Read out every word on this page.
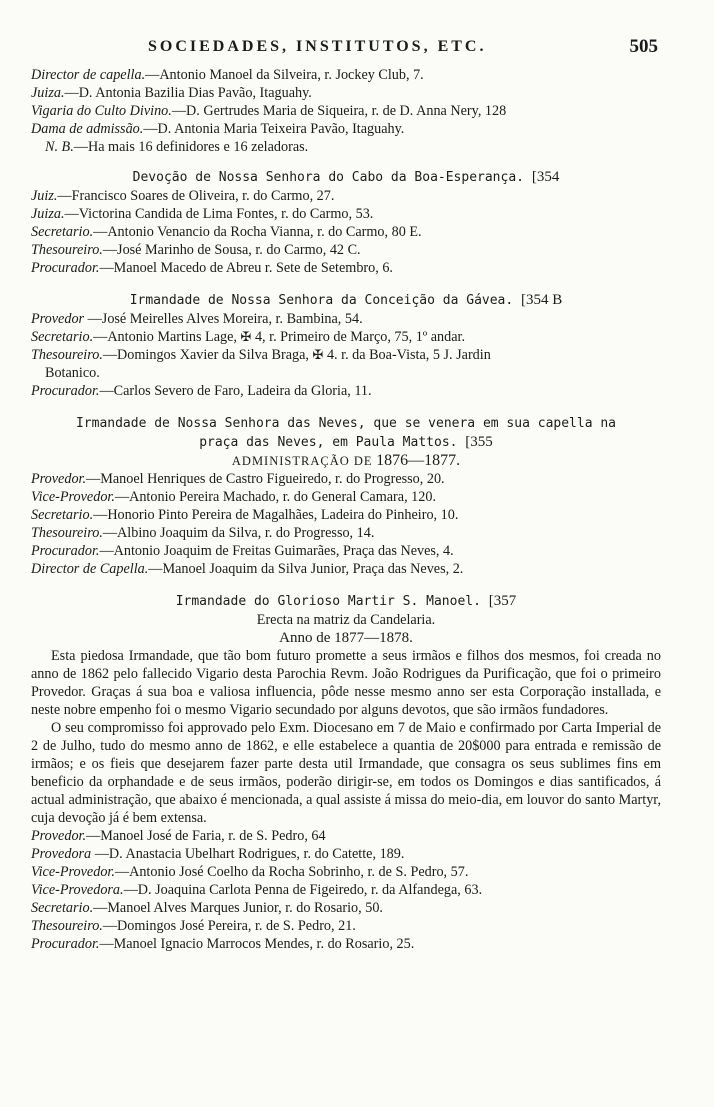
SOCIEDADES, INSTITUTOS, ETC.	505
Director de capella.—Antonio Manoel da Silveira, r. Jockey Club, 7.
Juiza.—D. Antonia Bazilia Dias Pavão, Itaguahy.
Vigaria do Culto Divino.—D. Gertrudes Maria de Siqueira, r. de D. Anna Nery, 128
Dama de admissão.—D. Antonia Maria Teixeira Pavão, Itaguahy.
N. B.—Ha mais 16 definidores e 16 zeladoras.
Devoção de Nossa Senhora do Cabo da Boa-Esperança. [354
Juiz.—Francisco Soares de Oliveira, r. do Carmo, 27.
Juiza.—Victorina Candida de Lima Fontes, r. do Carmo, 53.
Secretario.—Antonio Venancio da Rocha Vianna, r. do Carmo, 80 E.
Thesoureiro.—José Marinho de Sousa, r. do Carmo, 42 C.
Procurador.—Manoel Macedo de Abreu r. Sete de Setembro, 6.
Irmandade de Nossa Senhora da Conceição da Gávea. [354 B
Provedor —José Meirelles Alves Moreira, r. Bambina, 54.
Secretario.—Antonio Martins Lage, ✠ 4, r. Primeiro de Março, 75, 1º andar.
Thesoureiro.—Domingos Xavier da Silva Braga, ✠ 4. r. da Boa-Vista, 5 J. Jardin
Botanico.
Procurador.—Carlos Severo de Faro, Ladeira da Gloria, 11.
Irmandade de Nossa Senhora das Neves, que se venera em sua capella na
praça das Neves, em Paula Mattos. [355
ADMINISTRAÇÃO DE 1876—1877.
Provedor.—Manoel Henriques de Castro Figueiredo, r. do Progresso, 20.
Vice-Provedor.—Antonio Pereira Machado, r. do General Camara, 120.
Secretario.—Honorio Pinto Pereira de Magalhães, Ladeira do Pinheiro, 10.
Thesoureiro.—Albino Joaquim da Silva, r. do Progresso, 14.
Procurador.—Antonio Joaquim de Freitas Guimarães, Praça das Neves, 4.
Director de Capella.—Manoel Joaquim da Silva Junior, Praça das Neves, 2.
Irmandade do Glorioso Martir S. Manoel. [357
Erecta na matriz da Candelaria.
Anno de 1877—1878.
Esta piedosa Irmandade, que tão bom futuro promette a seus irmãos e filhos dos mesmos, foi creada no anno de 1862 pelo fallecido Vigario desta Parochia Revm. João Rodrigues da Purificação, que foi o primeiro Provedor. Graças á sua boa e valiosa influencia, pôde nesse mesmo anno ser esta Corporação installada, e neste nobre empenho foi o mesmo Vigario secundado por alguns devotos, que são irmãos fundadores.
O seu compromisso foi approvado pelo Exm. Diocesano em 7 de Maio e confirmado por Carta Imperial de 2 de Julho, tudo do mesmo anno de 1862, e elle estabelece a quantia de 20$000 para entrada e remissão de irmãos; e os fieis que desejarem fazer parte desta util Irmandade, que consagra os seus sublimes fins em beneficio da orphandade e de seus irmãos, poderão dirigir-se, em todos os Domingos e dias santificados, á actual administração, que abaixo é mencionada, a qual assiste á missa do meio-dia, em louvor do santo Martyr, cuja devoção já é bem extensa.
Provedor.—Manoel José de Faria, r. de S. Pedro, 64
Provedora —D. Anastacia Ubelhart Rodrigues, r. do Catette, 189.
Vice-Provedor.—Antonio José Coelho da Rocha Sobrinho, r. de S. Pedro, 57.
Vice-Provedora.—D. Joaquina Carlota Penna de Figeiredo, r. da Alfandega, 63.
Secretario.—Manoel Alves Marques Junior, r. do Rosario, 50.
Thesoureiro.—Domingos José Pereira, r. de S. Pedro, 21.
Procurador.—Manoel Ignacio Marrocos Mendes, r. do Rosario, 25.
